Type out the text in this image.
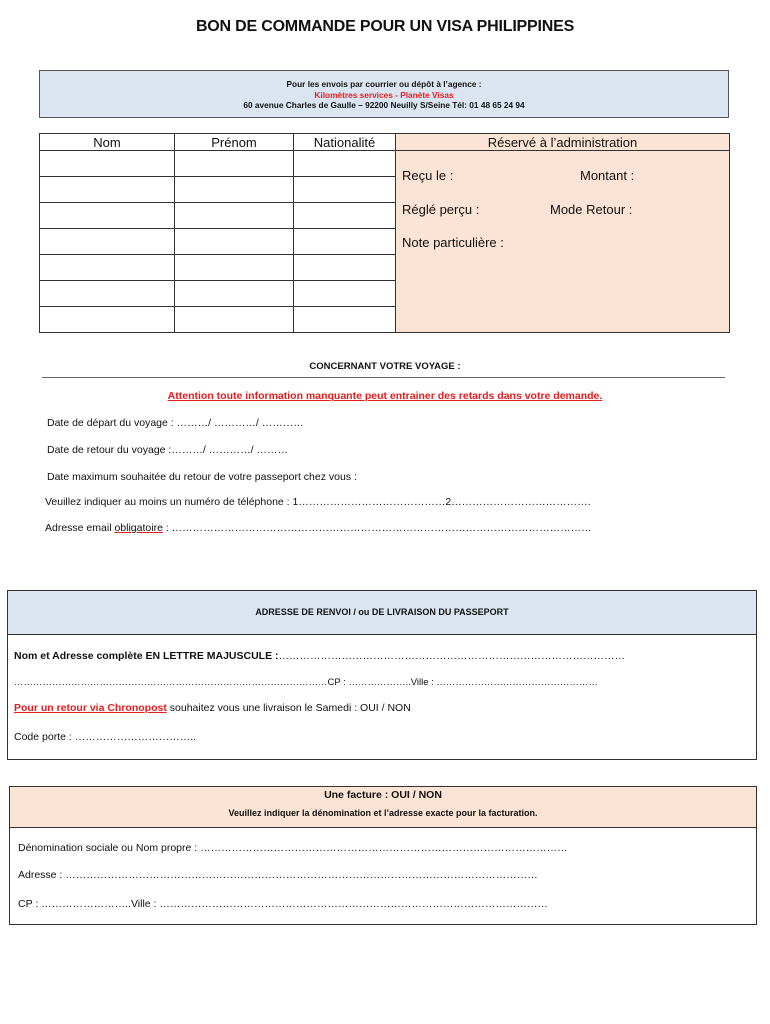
BON DE COMMANDE POUR UN VISA PHILIPPINES
Pour les envois par courrier ou dépôt à l’agence :
Kilomètres services - Planète Visas
60 avenue Charles de Gaulle – 92200 Neuilly S/Seine Tél: 01 48 65 24 94
Nom	Prénom	Nationalité	Réservé à l’administration

			Reçu le : Montant :
Réglé perçu : Mode Retour :
Note particulière :

CONCERNANT VOTRE VOYAGE :
Attention toute information manquante peut entrainer des retards dans votre demande.
Date de départ du voyage : ………/ …………/ …………
Date de retour du voyage :………/ …………/ ………
Date maximum souhaitée du retour de votre passeport chez vous :
Veuillez indiquer au moins un numéro de téléphone : 1……………………………………2………………………………….
Adresse email obligatoire : …………………………………………………………………………………………………………
ADRESSE DE RENVOI / ou DE LIVRAISON DU PASSEPORT
Nom et Adresse complète EN LETTRE MAJUSCULE :………………………………………………………………………………………
………………………………………………………………………………………CP : ………………..Ville : ……………………………………………
Pour un retour via Chronopost souhaitez vous une livraison le Samedi : OUI / NON
Code porte : ……………………………..
Une facture : OUI / NON
Veuillez indiquer la dénomination et l’adresse exacte pour la facturation.
Dénomination sociale ou Nom propre : ……………………………………………………………………………………………
Adresse : ………………………………………………………………………………………………………………………
CP : ……………………..Ville : …………………………………………………………………………………………………
